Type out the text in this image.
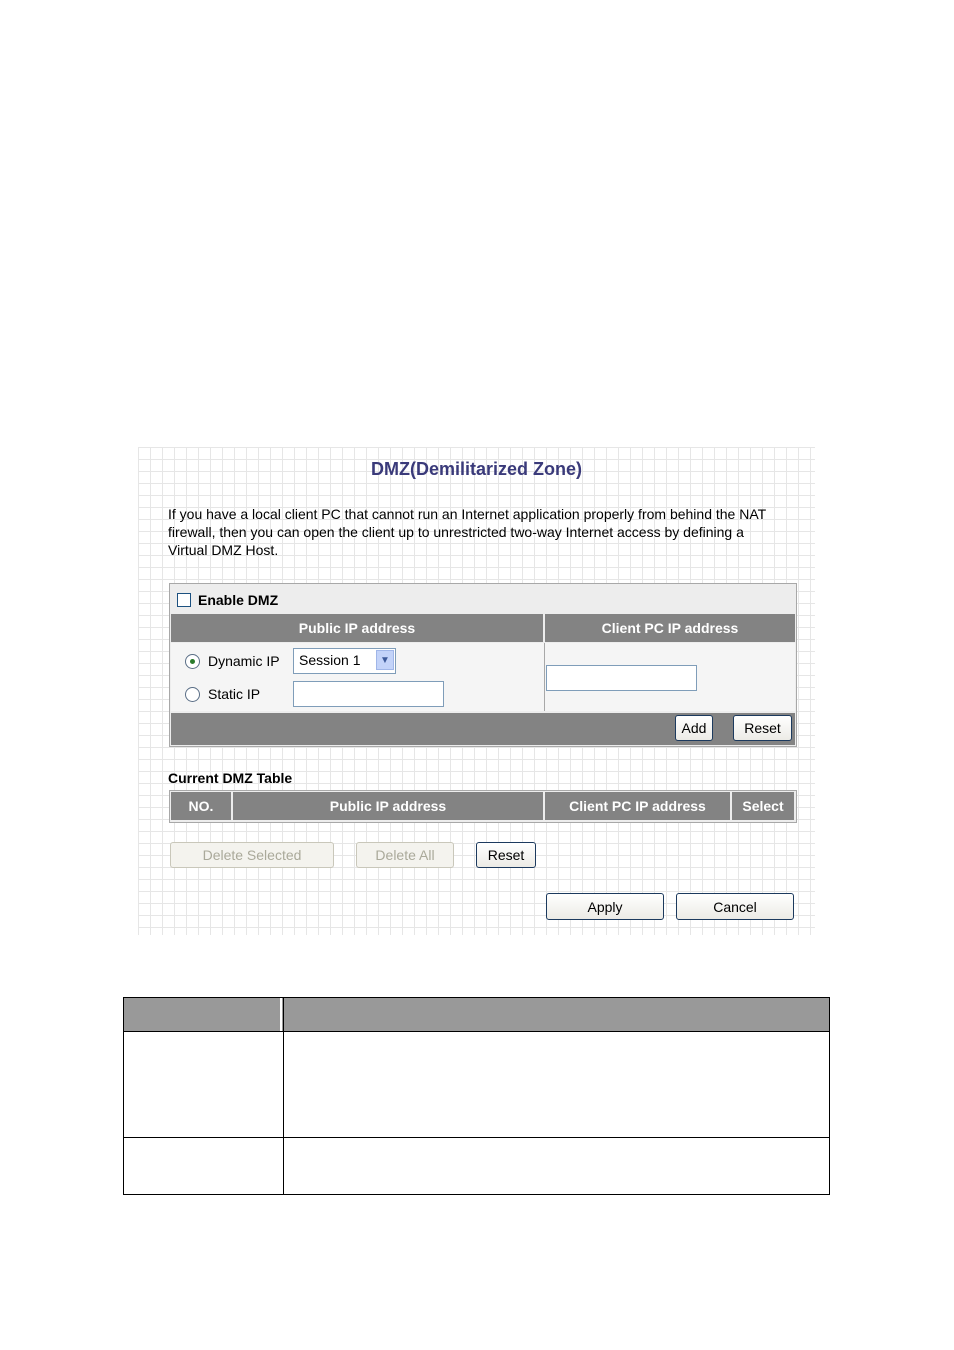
DMZ(Demilitarized Zone)
If you have a local client PC that cannot run an Internet application properly from behind the NAT
firewall, then you can open the client up to unrestricted two-way Internet access by defining a
Virtual DMZ Host.
Enable DMZ
Public IP address	Client PC IP address
Dynamic IP Session 1	▼
Static IP
Add	Reset
Current DMZ Table
NO.	Public IP address	Client PC IP address	Select
Delete Selected	Delete All	Reset
Apply	Cancel
